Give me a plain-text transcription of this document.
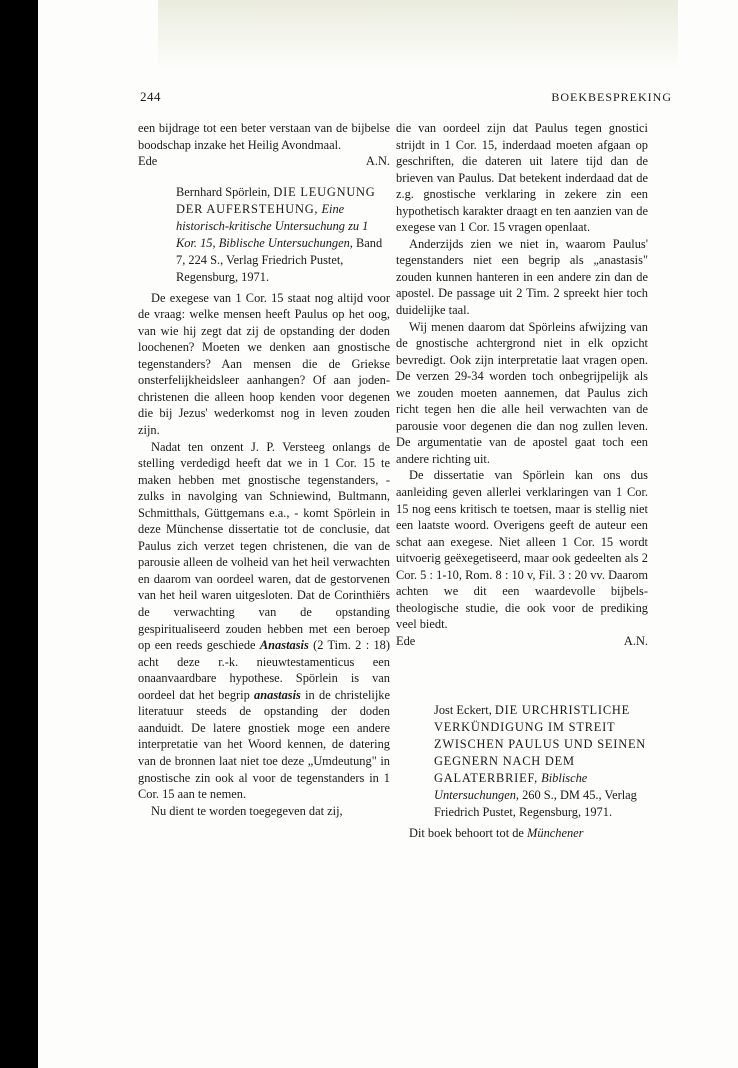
244	BOEKBESPREKING

een bijdrage tot een beter verstaan van de bijbelse boodschap inzake het Heilig Avondmaal.

Ede	A.N.
Bernhard Spörlein, DIE LEUGNUNG DER AUFERSTEHUNG, Eine historisch-kritische Untersuchung zu 1 Kor. 15, Biblische Untersuchungen, Band 7, 224 S., Verlag Friedrich Pustet, Regensburg, 1971.

De exegese van 1 Cor. 15 staat nog altijd voor de vraag: welke mensen heeft Paulus op het oog, van wie hij zegt dat zij de opstanding der doden loochenen? Moeten we denken aan gnostische tegenstanders? Aan mensen die de Griekse onsterfelijkheidsleer aanhangen? Of aan joden-christenen die alleen hoop kenden voor degenen die bij Jezus' wederkomst nog in leven zouden zijn.

Nadat ten onzent J. P. Versteeg onlangs de stelling verdedigd heeft dat we in 1 Cor. 15 te maken hebben met gnostische tegenstanders, - zulks in navolging van Schniewind, Bultmann, Schmitthals, Güttgemans e.a., - komt Spörlein in deze Münchense dissertatie tot de conclusie, dat Paulus zich verzet tegen christenen, die van de parousie alleen de volheid van het heil verwachten en daarom van oordeel waren, dat de gestorvenen van het heil waren uitgesloten. Dat de Corinthiërs de verwachting van de opstanding gespiritualiseerd zouden hebben met een beroep op een reeds geschiede Anastasis (2 Tim. 2 : 18) acht deze r.-k. nieuwtestamenticus een onaanvaardbare hypothese. Spörlein is van oordeel dat het begrip anastasis in de christelijke literatuur steeds de opstanding der doden aanduidt. De latere gnostiek moge een andere interpretatie van het Woord kennen, de datering van de bronnen laat niet toe deze „Umdeutung" in gnostische zin ook al voor de tegenstanders in 1 Cor. 15 aan te nemen.

Nu dient te worden toegegeven dat zij,

die van oordeel zijn dat Paulus tegen gnostici strijdt in 1 Cor. 15, inderdaad moeten afgaan op geschriften, die dateren uit latere tijd dan de brieven van Paulus. Dat betekent inderdaad dat de z.g. gnostische verklaring in zekere zin een hypothetisch karakter draagt en ten aanzien van de exegese van 1 Cor. 15 vragen openlaat.

Anderzijds zien we niet in, waarom Paulus' tegenstanders niet een begrip als „anastasis" zouden kunnen hanteren in een andere zin dan de apostel. De passage uit 2 Tim. 2 spreekt hier toch duidelijke taal.

Wij menen daarom dat Spörleins afwijzing van de gnostische achtergrond niet in elk opzicht bevredigt. Ook zijn interpretatie laat vragen open. De verzen 29-34 worden toch onbegrijpelijk als we zouden moeten aannemen, dat Paulus zich richt tegen hen die alle heil verwachten van de parousie voor degenen die dan nog zullen leven. De argumentatie van de apostel gaat toch een andere richting uit.

De dissertatie van Spörlein kan ons dus aanleiding geven allerlei verklaringen van 1 Cor. 15 nog eens kritisch te toetsen, maar is stellig niet een laatste woord. Overigens geeft de auteur een schat aan exegese. Niet alleen 1 Cor. 15 wordt uitvoerig geëxegetiseerd, maar ook gedeelten als 2 Cor. 5 : 1-10, Rom. 8 : 10 v, Fil. 3 : 20 vv. Daarom achten we dit een waardevolle bijbels-theologische studie, die ook voor de prediking veel biedt.

Ede	A.N.
Jost Eckert, DIE URCHRISTLICHE VERKÜNDIGUNG IM STREIT ZWISCHEN PAULUS UND SEINEN GEGNERN NACH DEM GALATERBRIEF, Biblische Untersuchungen, 260 S., DM 45., Verlag Friedrich Pustet, Regensburg, 1971.

Dit boek behoort tot de Münchener
